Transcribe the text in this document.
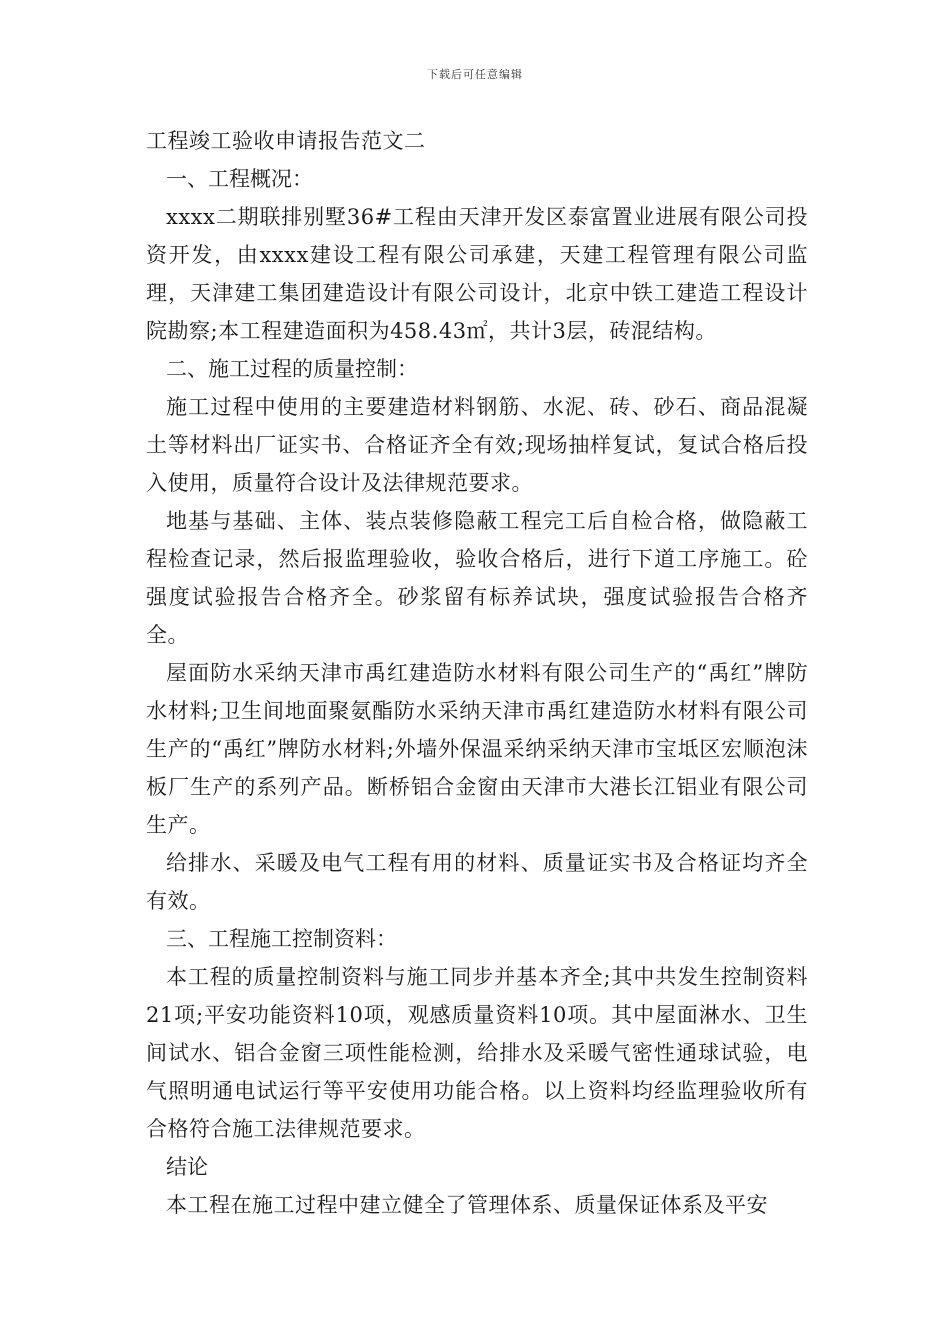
下载后可任意编辑
工程竣工验收申请报告范文二
一、工程概况：

xxxx二期联排别墅36#工程由天津开发区泰富置业进展有限公司投资开发，由xxxx建设工程有限公司承建，天建工程管理有限公司监理，天津建工集团建造设计有限公司设计，北京中铁工建造工程设计院勘察;本工程建造面积为458.43㎡，共计3层，砖混结构。

二、施工过程的质量控制：

施工过程中使用的主要建造材料钢筋、水泥、砖、砂石、商品混凝土等材料出厂证实书、合格证齐全有效;现场抽样复试，复试合格后投入使用，质量符合设计及法律规范要求。

地基与基础、主体、装点装修隐蔽工程完工后自检合格，做隐蔽工程检查记录，然后报监理验收，验收合格后，进行下道工序施工。砼强度试验报告合格齐全。砂浆留有标养试块，强度试验报告合格齐全。

屋面防水采纳天津市禹红建造防水材料有限公司生产的“禹红”牌防水材料;卫生间地面聚氨酯防水采纳天津市禹红建造防水材料有限公司生产的“禹红”牌防水材料;外墙外保温采纳采纳天津市宝坻区宏顺泡沫板厂生产的系列产品。断桥铝合金窗由天津市大港长江铝业有限公司生产。

给排水、采暖及电气工程有用的材料、质量证实书及合格证均齐全有效。

三、工程施工控制资料：

本工程的质量控制资料与施工同步并基本齐全;其中共发生控制资料21项;平安功能资料10项，观感质量资料10项。其中屋面淋水、卫生间试水、铝合金窗三项性能检测，给排水及采暖气密性通球试验，电气照明通电试运行等平安使用功能合格。以上资料均经监理验收所有合格符合施工法律规范要求。

结论

本工程在施工过程中建立健全了管理体系、质量保证体系及平安
